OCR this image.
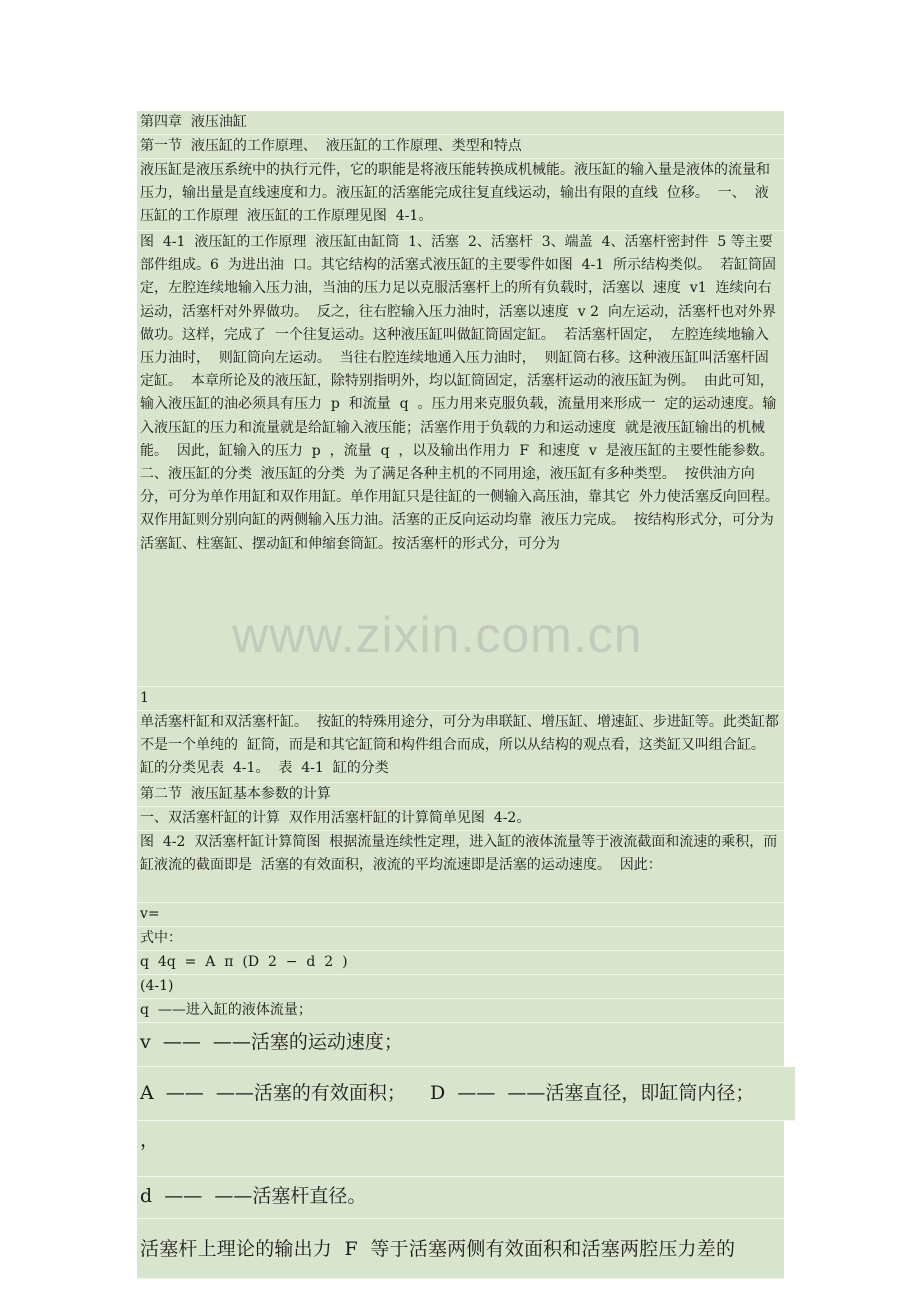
第四章  液压油缸
第一节  液压缸的工作原理、  液压缸的工作原理、类型和特点
液压缸是液压系统中的执行元件，它的职能是将液压能转换成机械能。液压缸的输入量是液体的流量和压力，输出量是直线速度和力。液压缸的活塞能完成往复直线运动，输出有限的直线  位移。  一、  液压缸的工作原理  液压缸的工作原理见图  4-1。
图  4-1  液压缸的工作原理  液压缸由缸筒  1、活塞  2、活塞杆  3、端盖  4、活塞杆密封件  5 等主要部件组成。6  为进出油  口。其它结构的活塞式液压缸的主要零件如图  4-1  所示结构类似。  若缸筒固定，左腔连续地输入压力油，当油的压力足以克服活塞杆上的所有负载时，活塞以  速度  v1  连续向右运动，活塞杆对外界做功。  反之，往右腔输入压力油时，活塞以速度  v 2  向左运动，活塞杆也对外界做功。这样，完成了  一个往复运动。这种液压缸叫做缸筒固定缸。  若活塞杆固定，  左腔连续地输入压力油时，  则缸筒向左运动。  当往右腔连续地通入压力油时，  则缸筒右移。这种液压缸叫活塞杆固定缸。  本章所论及的液压缸，除特别指明外，均以缸筒固定，活塞杆运动的液压缸为例。  由此可知，输入液压缸的油必须具有压力  p  和流量  q  。压力用来克服负载，流量用来形成一  定的运动速度。输入液压缸的压力和流量就是给缸输入液压能；活塞作用于负载的力和运动速度  就是液压缸输出的机械能。  因此，缸输入的压力  p  ，流量  q  ，以及输出作用力  F  和速度  v  是液压缸的主要性能参数。  二、液压缸的分类  液压缸的分类  为了满足各种主机的不同用途，液压缸有多种类型。  按供油方向分，可分为单作用缸和双作用缸。单作用缸只是往缸的一侧输入高压油，靠其它  外力使活塞反向回程。双作用缸则分别向缸的两侧输入压力油。活塞的正反向运动均靠  液压力完成。  按结构形式分，可分为活塞缸、柱塞缸、摆动缸和伸缩套筒缸。按活塞杆的形式分，可分为
1
单活塞杆缸和双活塞杆缸。  按缸的特殊用途分，可分为串联缸、增压缸、增速缸、步进缸等。此类缸都不是一个单纯的  缸筒，而是和其它缸筒和构件组合而成，所以从结构的观点看，这类缸又叫组合缸。  缸的分类见表  4-1。  表  4-1  缸的分类
第二节  液压缸基本参数的计算
一、双活塞杆缸的计算  双作用活塞杆缸的计算简单见图  4-2。
图  4-2  双活塞杆缸计算简图  根据流量连续性定理，进入缸的液体流量等于液流截面和流速的乘积，而缸液流的截面即是  活塞的有效面积，液流的平均流速即是活塞的运动速度。  因此：
v=
式中：
q  4q  =  A  π  (D  2  −  d  2  )
(4-1)
q  ——进入缸的液体流量；
v  ——  ——活塞的运动速度；
A  ——  ——活塞的有效面积；    D  ——  ——活塞直径，即缸筒内径；
，
d  ——  ——活塞杆直径。
活塞杆上理论的输出力  F  等于活塞两侧有效面积和活塞两腔压力差的
www.zixin.com.cn
